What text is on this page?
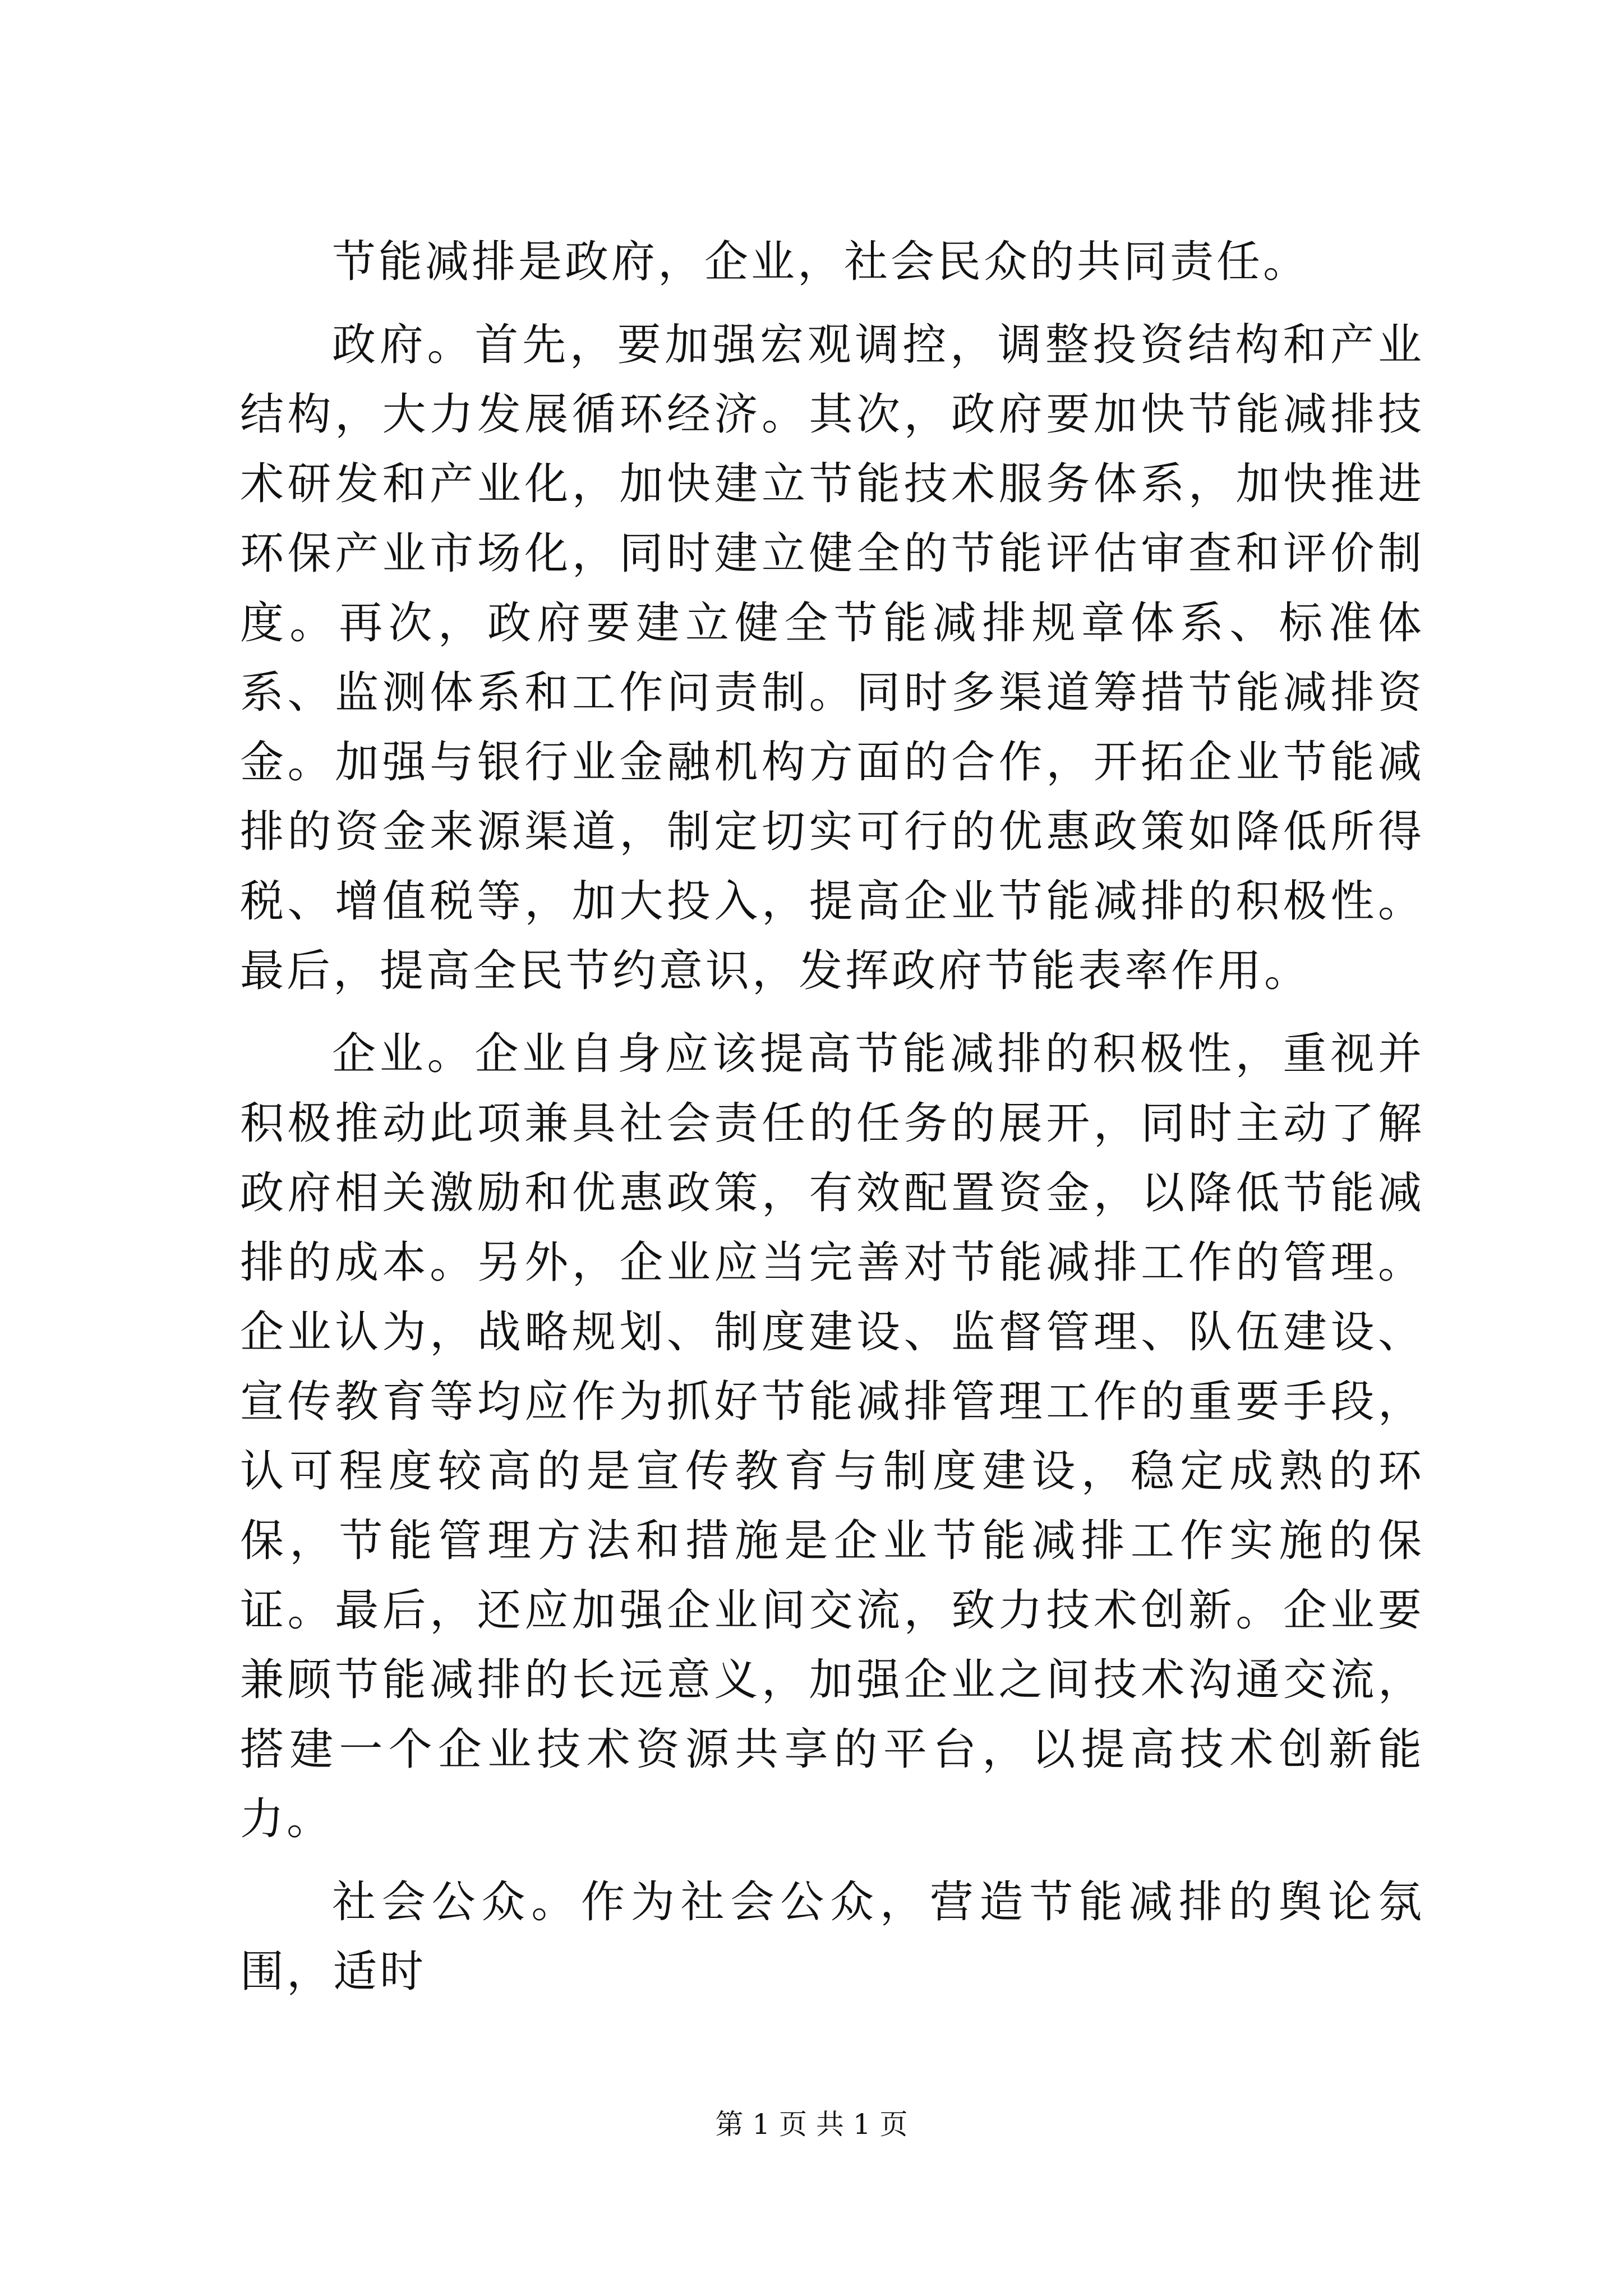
节能减排是政府，企业，社会民众的共同责任。

政府。首先，要加强宏观调控，调整投资结构和产业结构，大力发展循环经济。其次，政府要加快节能减排技术研发和产业化，加快建立节能技术服务体系，加快推进环保产业市场化，同时建立健全的节能评估审查和评价制度。再次，政府要建立健全节能减排规章体系、标准体系、监测体系和工作问责制。同时多渠道筹措节能减排资金。加强与银行业金融机构方面的合作，开拓企业节能减排的资金来源渠道，制定切实可行的优惠政策如降低所得税、增值税等，加大投入，提高企业节能减排的积极性。最后，提高全民节约意识，发挥政府节能表率作用。

企业。企业自身应该提高节能减排的积极性，重视并积极推动此项兼具社会责任的任务的展开，同时主动了解政府相关激励和优惠政策，有效配置资金，以降低节能减排的成本。另外，企业应当完善对节能减排工作的管理。企业认为，战略规划、制度建设、监督管理、队伍建设、宣传教育等均应作为抓好节能减排管理工作的重要手段，认可程度较高的是宣传教育与制度建设，稳定成熟的环保，节能管理方法和措施是企业节能减排工作实施的保证。最后，还应加强企业间交流，致力技术创新。企业要兼顾节能减排的长远意义，加强企业之间技术沟通交流，搭建一个企业技术资源共享的平台，以提高技术创新能力。

社会公众。作为社会公众，营造节能减排的舆论氛围，适时

第 1 页 共 1 页
